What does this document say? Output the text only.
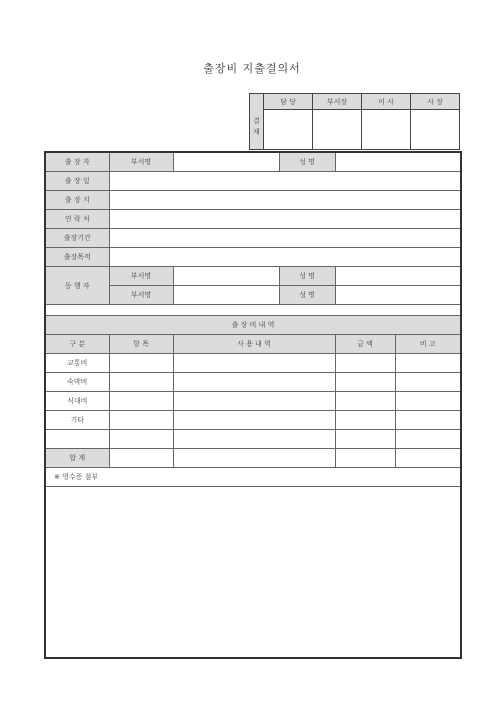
출장비 지출결의서

결
재	담 당	부서장	이 사	사 장

출 장 자	부서명		성 명		
출 장 일					
출 장 지					
연 락 처					
출장기간					
출장목적					
동 행 자	부서명		성 명		
	부서명		성 명		

출 장 비 내 역					
구 분	항 목	사 용 내 역		금 액	비 고
교통비					
숙박비					
식대비					
기타					

합 계					
※ 영수증 첨부					
